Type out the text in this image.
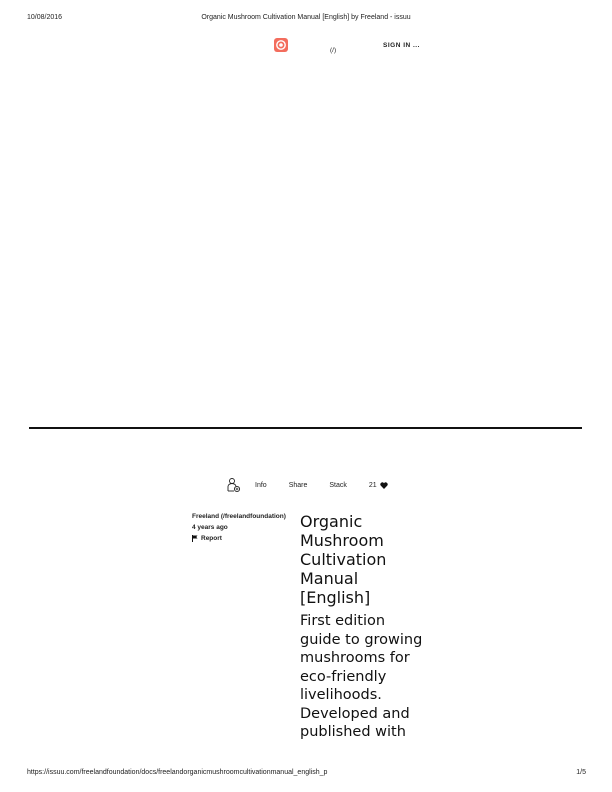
10/08/2016	Organic Mushroom Cultivation Manual [English] by Freeland - issuu
(/)
SIGN IN ...
Info	Share	Stack	21
Freeland (/freelandfoundation)
4 years ago
Report
Organic Mushroom Cultivation Manual [English]
First edition guide to growing mushrooms for eco-friendly livelihoods. Developed and published with
https://issuu.com/freelandfoundation/docs/freelandorganicmushroomcultivationmanual_english_p	1/5
